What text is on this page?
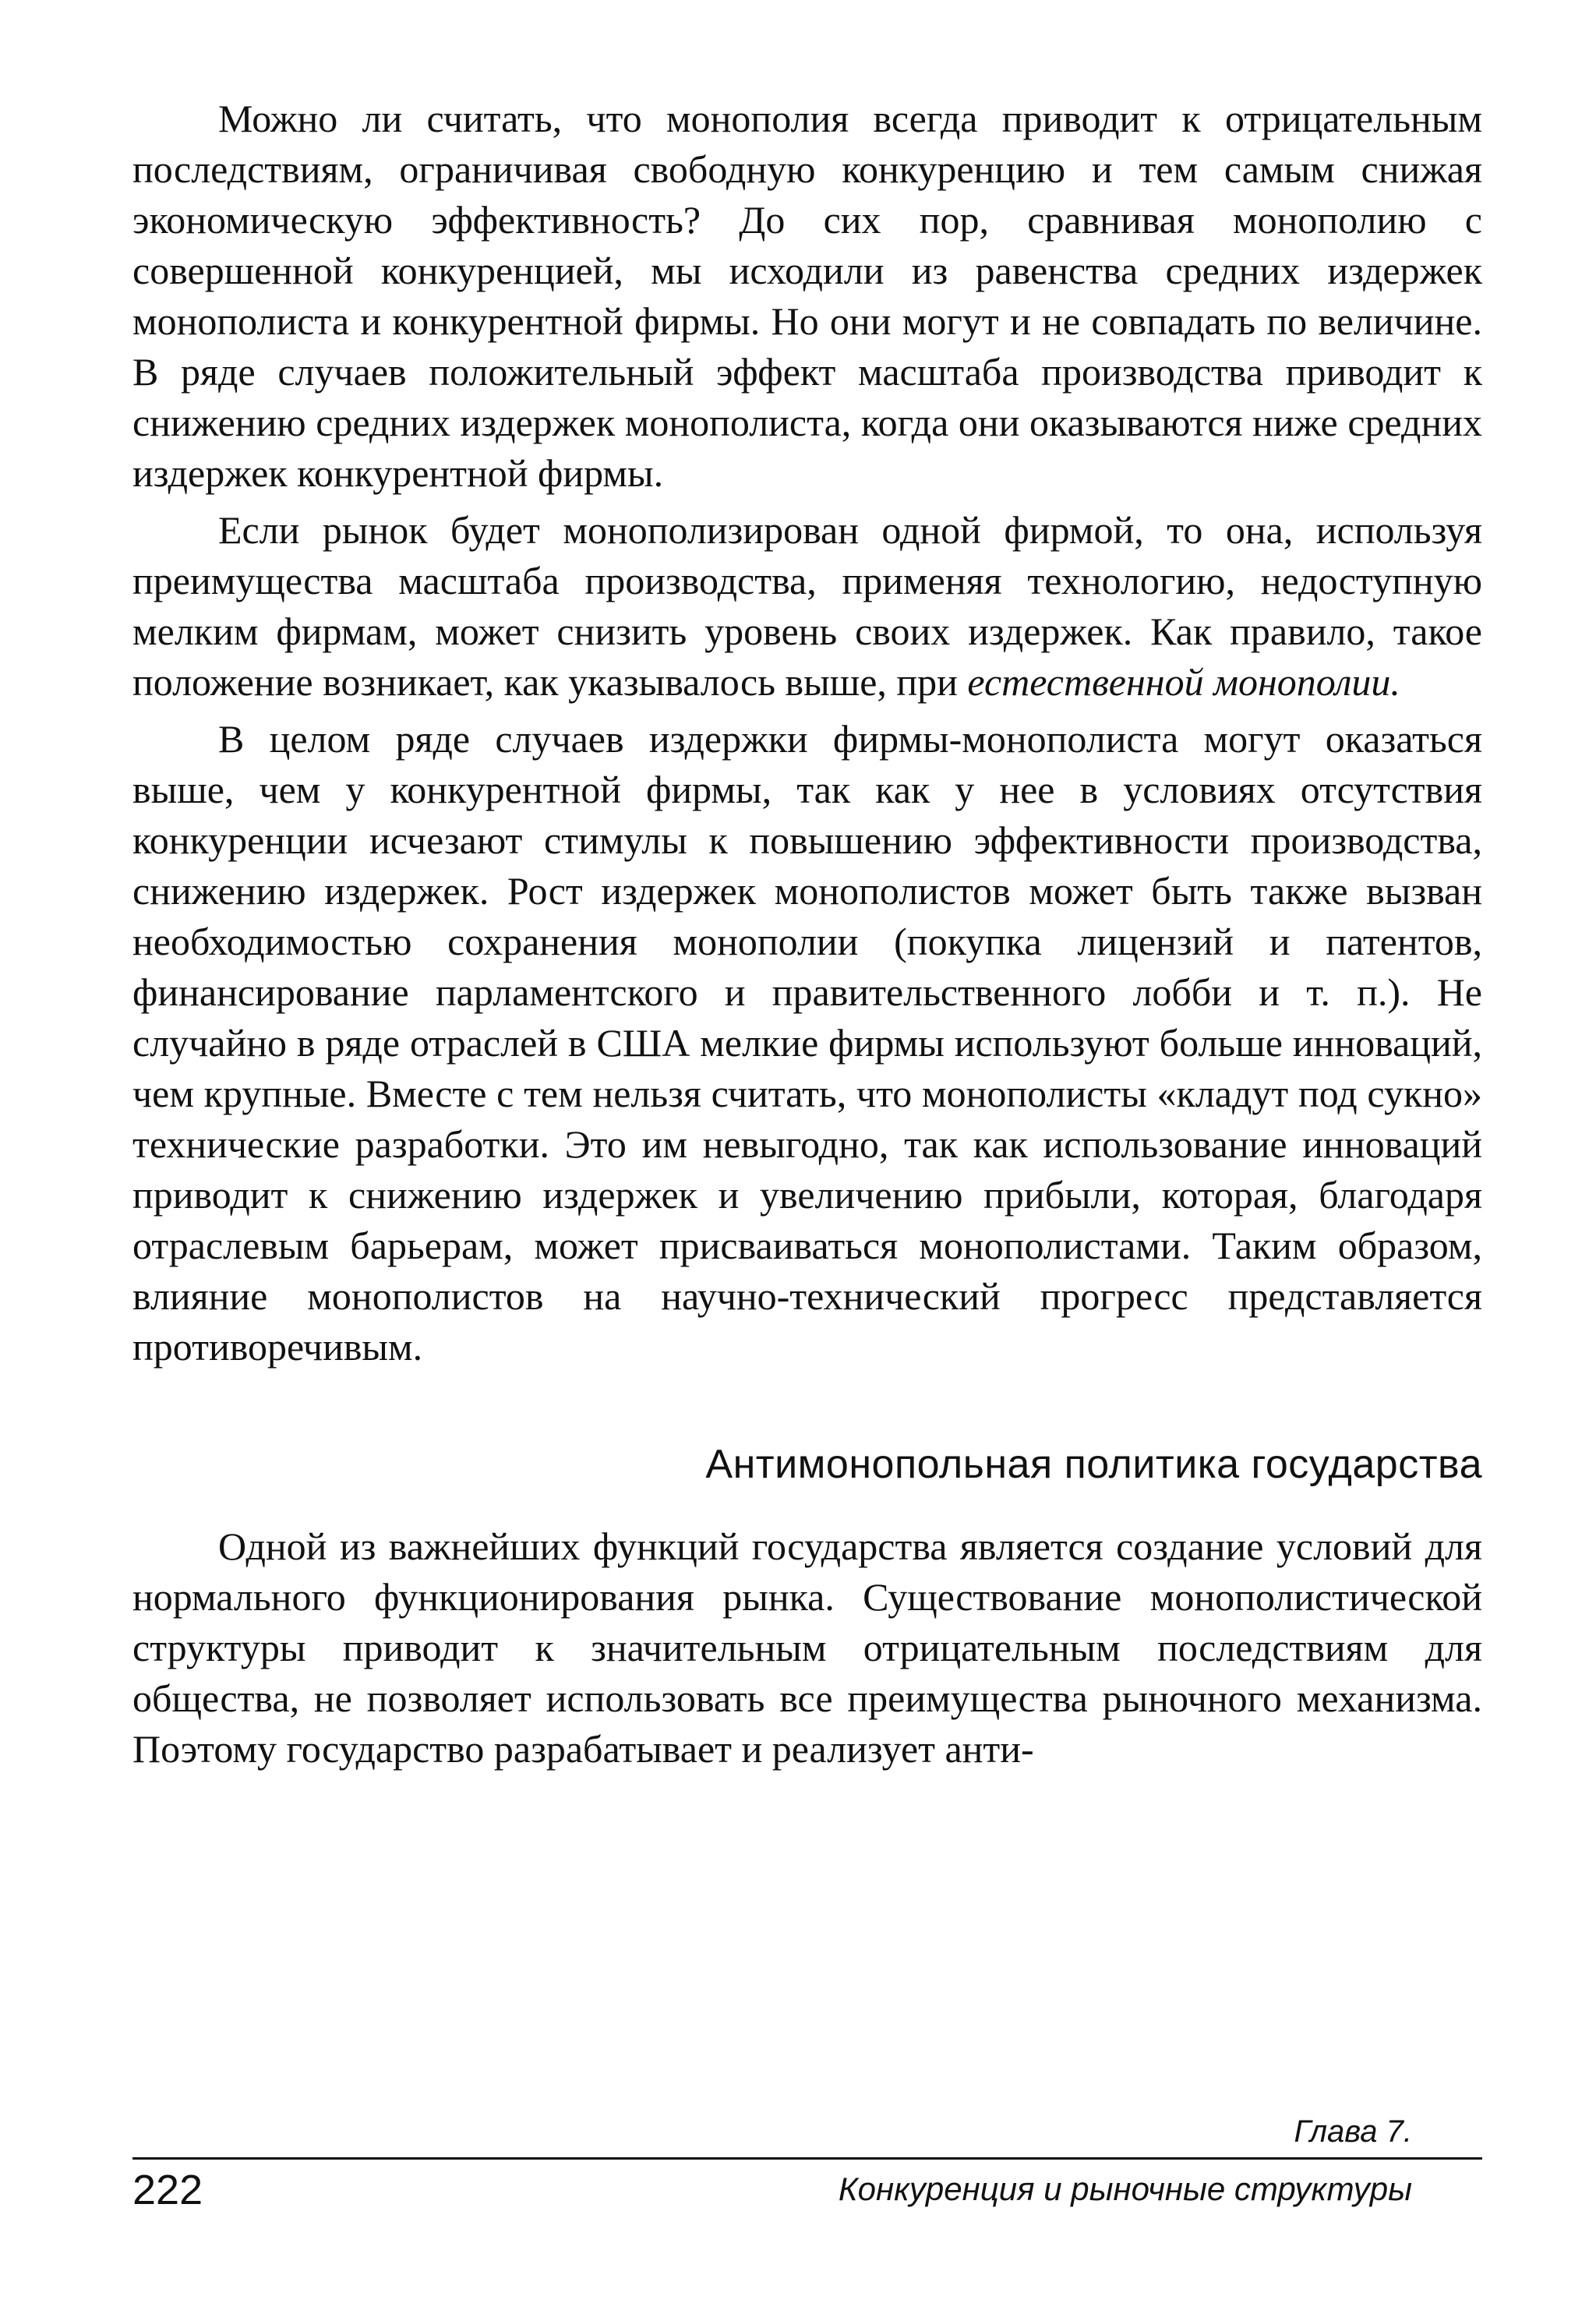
Можно ли считать, что монополия всегда приводит к отрицательным последствиям, ограничивая свободную конкуренцию и тем самым снижая экономическую эффективность? До сих пор, сравнивая монополию с совершенной конкуренцией, мы исходили из равенства средних издержек монополиста и конкурентной фирмы. Но они могут и не совпадать по величине. В ряде случаев положительный эффект масштаба производства приводит к снижению средних издержек монополиста, когда они оказываются ниже средних издержек конкурентной фирмы.

Если рынок будет монополизирован одной фирмой, то она, используя преимущества масштаба производства, применяя технологию, недоступную мелким фирмам, может снизить уровень своих издержек. Как правило, такое положение возникает, как указывалось выше, при естественной монополии.

В целом ряде случаев издержки фирмы-монополиста могут оказаться выше, чем у конкурентной фирмы, так как у нее в условиях отсутствия конкуренции исчезают стимулы к повышению эффективности производства, снижению издержек. Рост издержек монополистов может быть также вызван необходимостью сохранения монополии (покупка лицензий и патентов, финансирование парламентского и правительственного лобби и т. п.). Не случайно в ряде отраслей в США мелкие фирмы используют больше инноваций, чем крупные. Вместе с тем нельзя считать, что монополисты «кладут под сукно» технические разработки. Это им невыгодно, так как использование инноваций приводит к снижению издержек и увеличению прибыли, которая, благодаря отраслевым барьерам, может присваиваться монополистами. Таким образом, влияние монополистов на научно-технический прогресс представляется противоречивым.

Антимонопольная политика государства

Одной из важнейших функций государства является создание условий для нормального функционирования рынка. Существование монополистической структуры приводит к значительным отрицательным последствиям для общества, не позволяет использовать все преимущества рыночного механизма. Поэтому государство разрабатывает и реализует анти-

Глава 7.
222	Конкуренция и рыночные структуры
